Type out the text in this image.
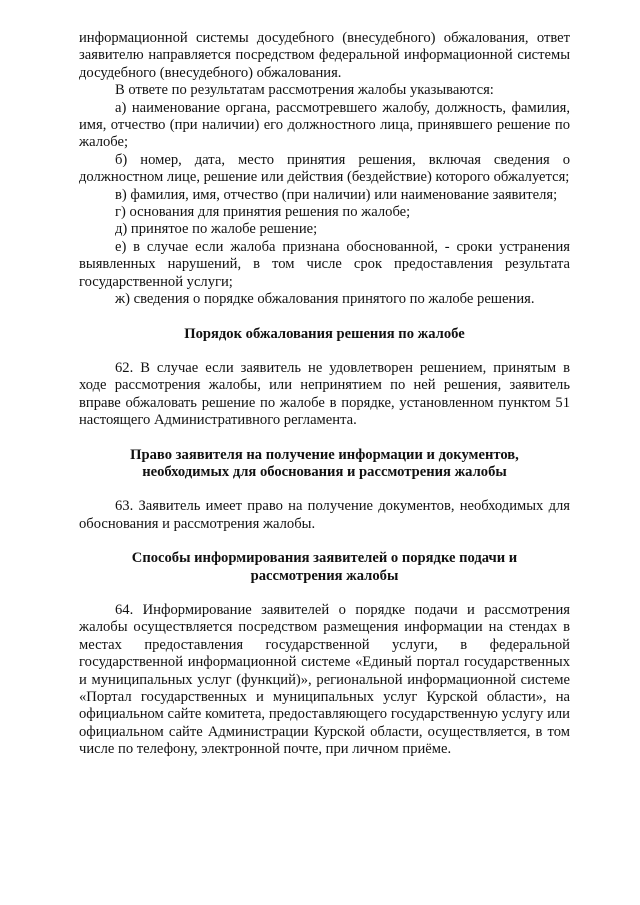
информационной системы досудебного (внесудебного) обжалования, ответ заявителю направляется посредством федеральной информационной системы досудебного (внесудебного) обжалования.

В ответе по результатам рассмотрения жалобы указываются:

а) наименование органа, рассмотревшего жалобу, должность, фамилия, имя, отчество (при наличии) его должностного лица, принявшего решение по жалобе;

б) номер, дата, место принятия решения, включая сведения о должностном лице, решение или действия (бездействие) которого обжалуется;

в) фамилия, имя, отчество (при наличии) или наименование заявителя;

г) основания для принятия решения по жалобе;

д) принятое по жалобе решение;

е) в случае если жалоба признана обоснованной, - сроки устранения выявленных нарушений, в том числе срок предоставления результата государственной услуги;

ж) сведения о порядке обжалования принятого по жалобе решения.

Порядок обжалования решения по жалобе

62. В случае если заявитель не удовлетворен решением, принятым в ходе рассмотрения жалобы, или непринятием по ней решения, заявитель вправе обжаловать решение по жалобе в порядке, установленном пунктом 51 настоящего Административного регламента.

Право заявителя на получение информации и документов,
необходимых для обоснования и рассмотрения жалобы

63. Заявитель имеет право на получение документов, необходимых для обоснования и рассмотрения жалобы.

Способы информирования заявителей о порядке подачи и
рассмотрения жалобы

64. Информирование заявителей о порядке подачи и рассмотрения жалобы осуществляется посредством размещения информации на стендах в местах предоставления государственной услуги, в федеральной государственной информационной системе «Единый портал государственных и муниципальных услуг (функций)», региональной информационной системе «Портал государственных и муниципальных услуг Курской области», на официальном сайте комитета, предоставляющего государственную услугу или официальном сайте Администрации Курской области, осуществляется, в том числе по телефону, электронной почте, при личном приёме.
